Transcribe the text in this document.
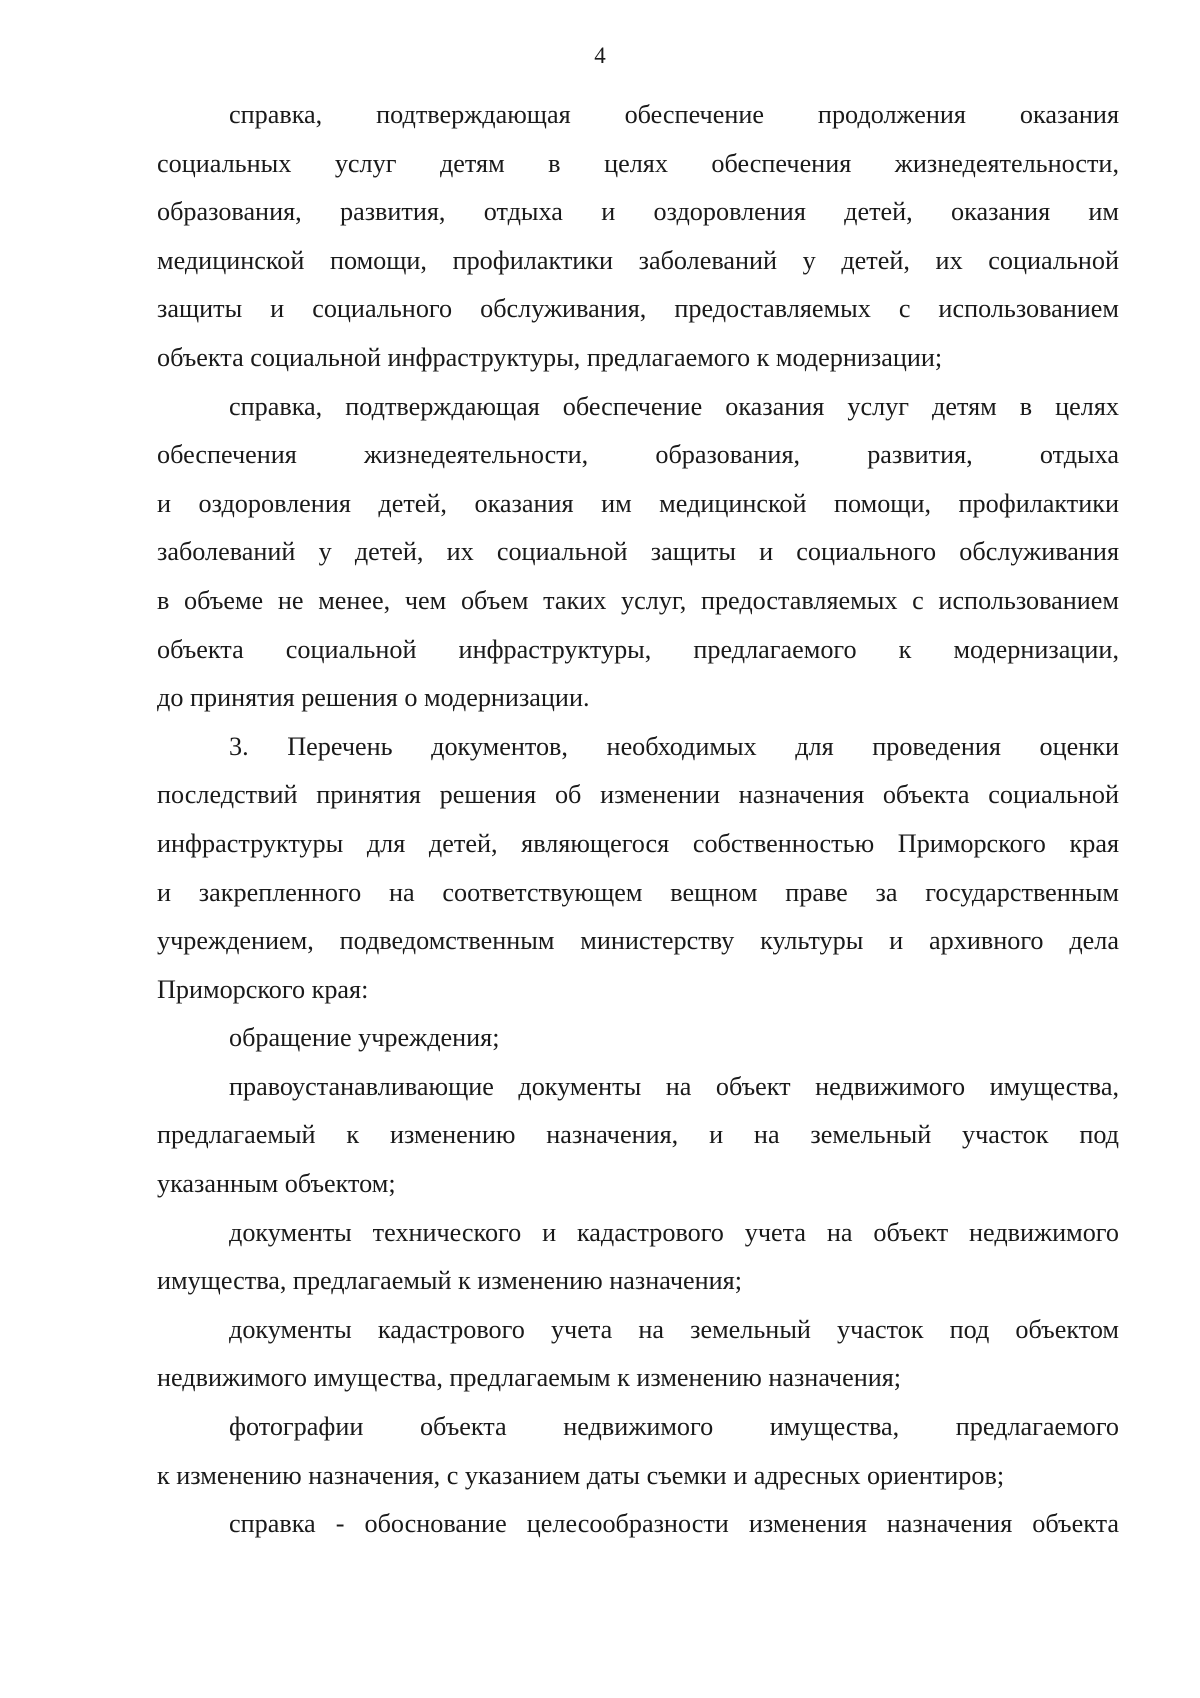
4
справка, подтверждающая обеспечение продолжения оказания
социальных услуг детям в целях обеспечения жизнедеятельности,
образования, развития, отдыха и оздоровления детей, оказания им
медицинской помощи, профилактики заболеваний у детей, их социальной
защиты и социального обслуживания, предоставляемых с использованием
объекта социальной инфраструктуры, предлагаемого к модернизации;
справка, подтверждающая обеспечение оказания услуг детям в целях
обеспечения жизнедеятельности, образования, развития, отдыха
и оздоровления детей, оказания им медицинской помощи, профилактики
заболеваний у детей, их социальной защиты и социального обслуживания
в объеме не менее, чем объем таких услуг, предоставляемых с использованием
объекта социальной инфраструктуры, предлагаемого к модернизации,
до принятия решения о модернизации.
3. Перечень документов, необходимых для проведения оценки
последствий принятия решения об изменении назначения объекта социальной
инфраструктуры для детей, являющегося собственностью Приморского края
и закрепленного на соответствующем вещном праве за государственным
учреждением, подведомственным министерству культуры и архивного дела
Приморского края:
обращение учреждения;
правоустанавливающие документы на объект недвижимого имущества,
предлагаемый к изменению назначения, и на земельный участок под
указанным объектом;
документы технического и кадастрового учета на объект недвижимого
имущества, предлагаемый к изменению назначения;
документы кадастрового учета на земельный участок под объектом
недвижимого имущества, предлагаемым к изменению назначения;
фотографии объекта недвижимого имущества, предлагаемого
к изменению назначения, с указанием даты съемки и адресных ориентиров;
справка - обоснование целесообразности изменения назначения объекта
